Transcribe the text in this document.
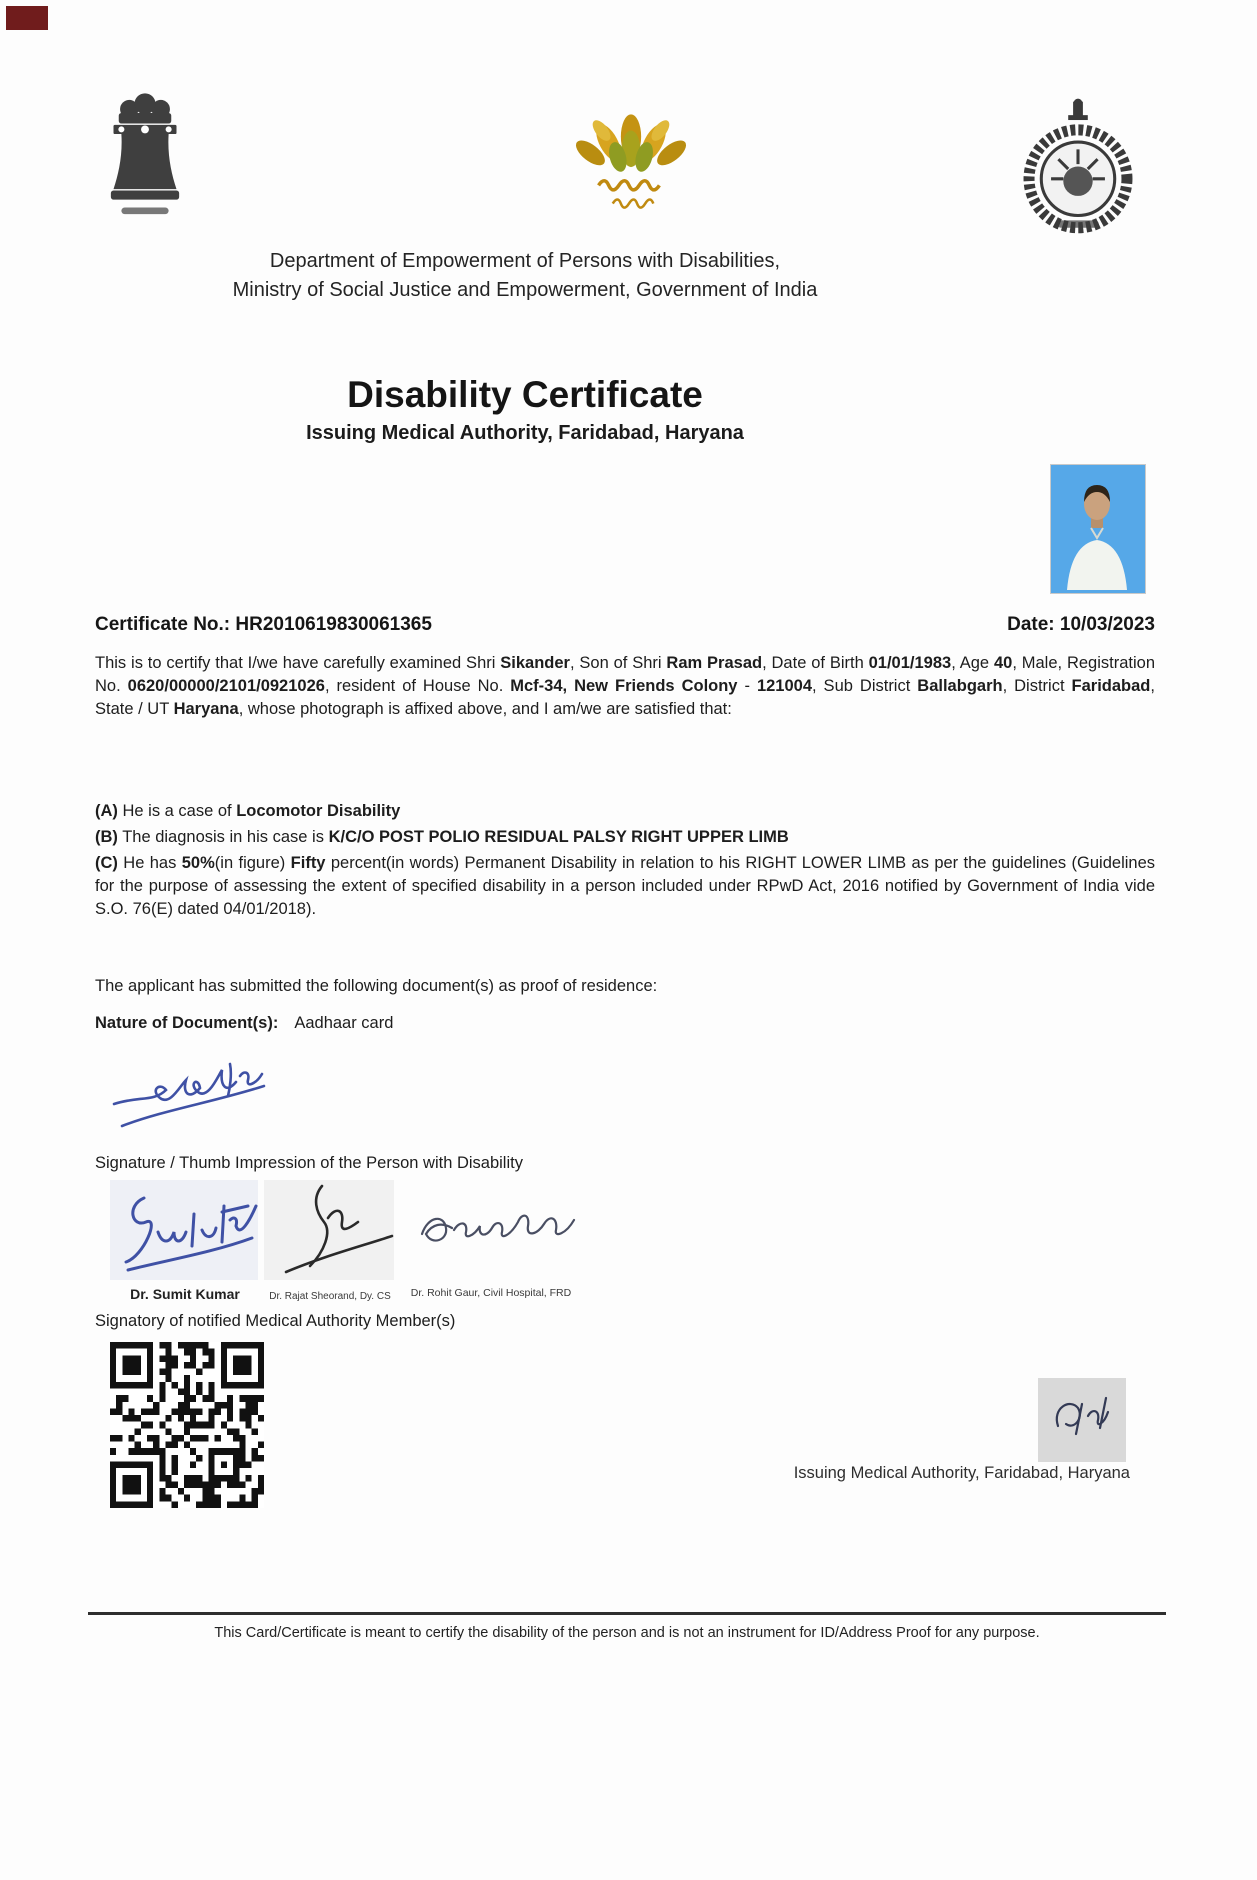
Department of Empowerment of Persons with Disabilities,
Ministry of Social Justice and Empowerment, Government of India
Disability Certificate
Issuing Medical Authority, Faridabad, Haryana
Certificate No.: HR2010619830061365	Date: 10/03/2023

This is to certify that I/we have carefully examined Shri Sikander, Son of Shri Ram Prasad, Date of Birth 01/01/1983, Age 40, Male, Registration No. 0620/00000/2101/0921026, resident of House No. Mcf-34, New Friends Colony - 121004, Sub District Ballabgarh, District Faridabad, State / UT Haryana, whose photograph is affixed above, and I am/we are satisfied that:

(A) He is a case of Locomotor Disability

(B) The diagnosis in his case is K/C/O POST POLIO RESIDUAL PALSY RIGHT UPPER LIMB

(C) He has 50%(in figure) Fifty percent(in words) Permanent Disability in relation to his RIGHT LOWER LIMB as per the guidelines (Guidelines for the purpose of assessing the extent of specified disability in a person included under RPwD Act, 2016 notified by Government of India vide S.O. 76(E) dated 04/01/2018).

The applicant has submitted the following document(s) as proof of residence:

Nature of Document(s): Aadhaar card

Signature / Thumb Impression of the Person with Disability

Dr. Sumit Kumar	Dr. Rajat Sheorand, Dy. CS	Dr. Rohit Gaur, Civil Hospital, FRD

Signatory of notified Medical Authority Member(s)

Issuing Medical Authority, Faridabad, Haryana

This Card/Certificate is meant to certify the disability of the person and is not an instrument for ID/Address Proof for any purpose.
